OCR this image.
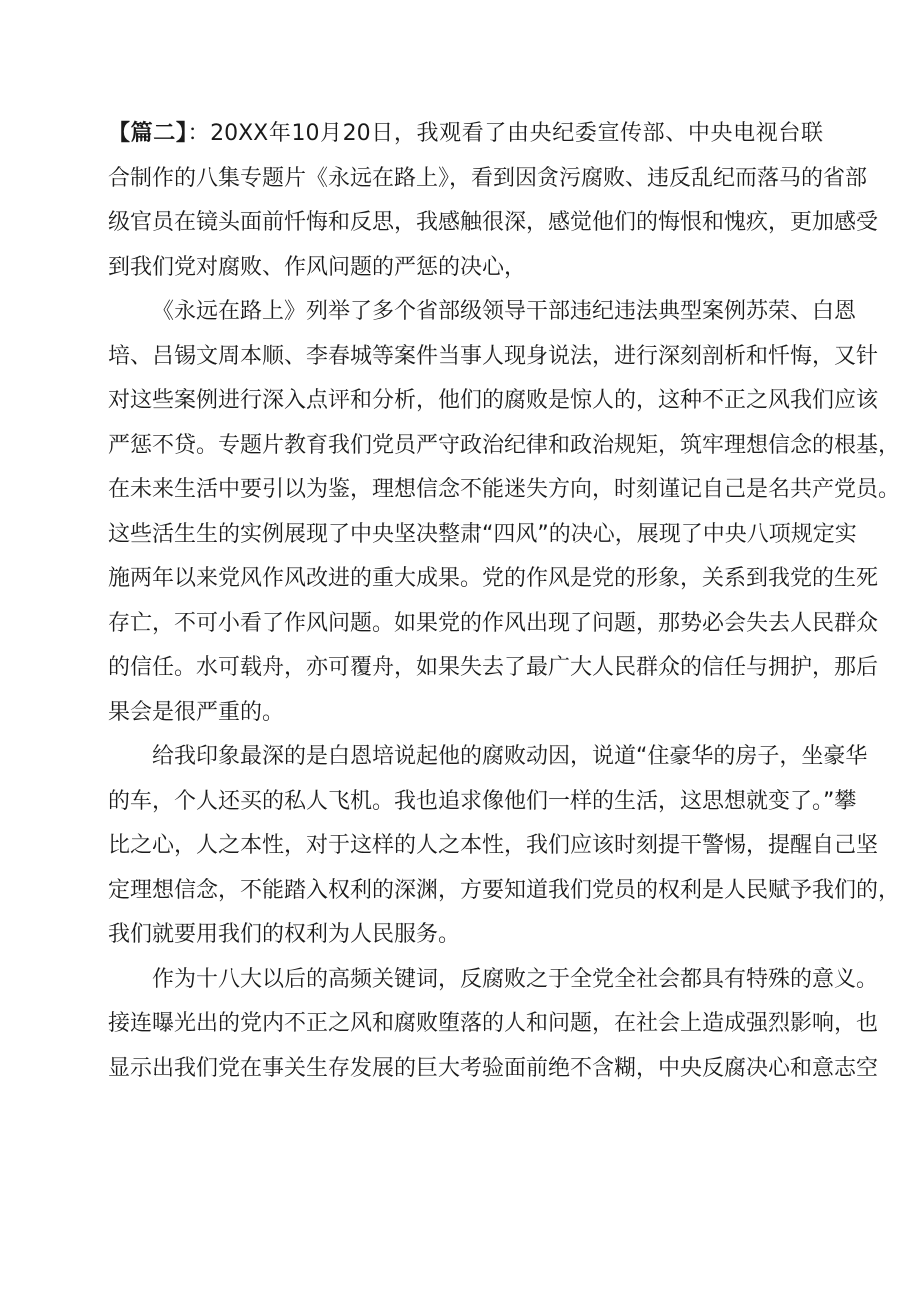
【篇二】：20XX年10月20日，我观看了由央纪委宣传部、中央电视台联
合制作的八集专题片《永远在路上》，看到因贪污腐败、违反乱纪而落马的省部
级官员在镜头面前忏悔和反思，我感触很深，感觉他们的悔恨和愧疚，更加感受
到我们党对腐败、作风问题的严惩的决心，
《永远在路上》列举了多个省部级领导干部违纪违法典型案例苏荣、白恩
培、吕锡文周本顺、李春城等案件当事人现身说法，进行深刻剖析和忏悔，又针
对这些案例进行深入点评和分析，他们的腐败是惊人的，这种不正之风我们应该
严惩不贷。专题片教育我们党员严守政治纪律和政治规矩，筑牢理想信念的根基，
在未来生活中要引以为鉴，理想信念不能迷失方向，时刻谨记自己是名共产党员。
这些活生生的实例展现了中央坚决整肃“四风”的决心，展现了中央八项规定实
施两年以来党风作风改进的重大成果。党的作风是党的形象，关系到我党的生死
存亡，不可小看了作风问题。如果党的作风出现了问题，那势必会失去人民群众
的信任。水可载舟，亦可覆舟，如果失去了最广大人民群众的信任与拥护，那后
果会是很严重的。
给我印象最深的是白恩培说起他的腐败动因，说道“住豪华的房子，坐豪华
的车，个人还买的私人飞机。我也追求像他们一样的生活，这思想就变了。”攀
比之心，人之本性，对于这样的人之本性，我们应该时刻提干警惕，提醒自己坚
定理想信念，不能踏入权利的深渊，方要知道我们党员的权利是人民赋予我们的，
我们就要用我们的权利为人民服务。
作为十八大以后的高频关键词，反腐败之于全党全社会都具有特殊的意义。
接连曝光出的党内不正之风和腐败堕落的人和问题，在社会上造成强烈影响，也
显示出我们党在事关生存发展的巨大考验面前绝不含糊，中央反腐决心和意志空
